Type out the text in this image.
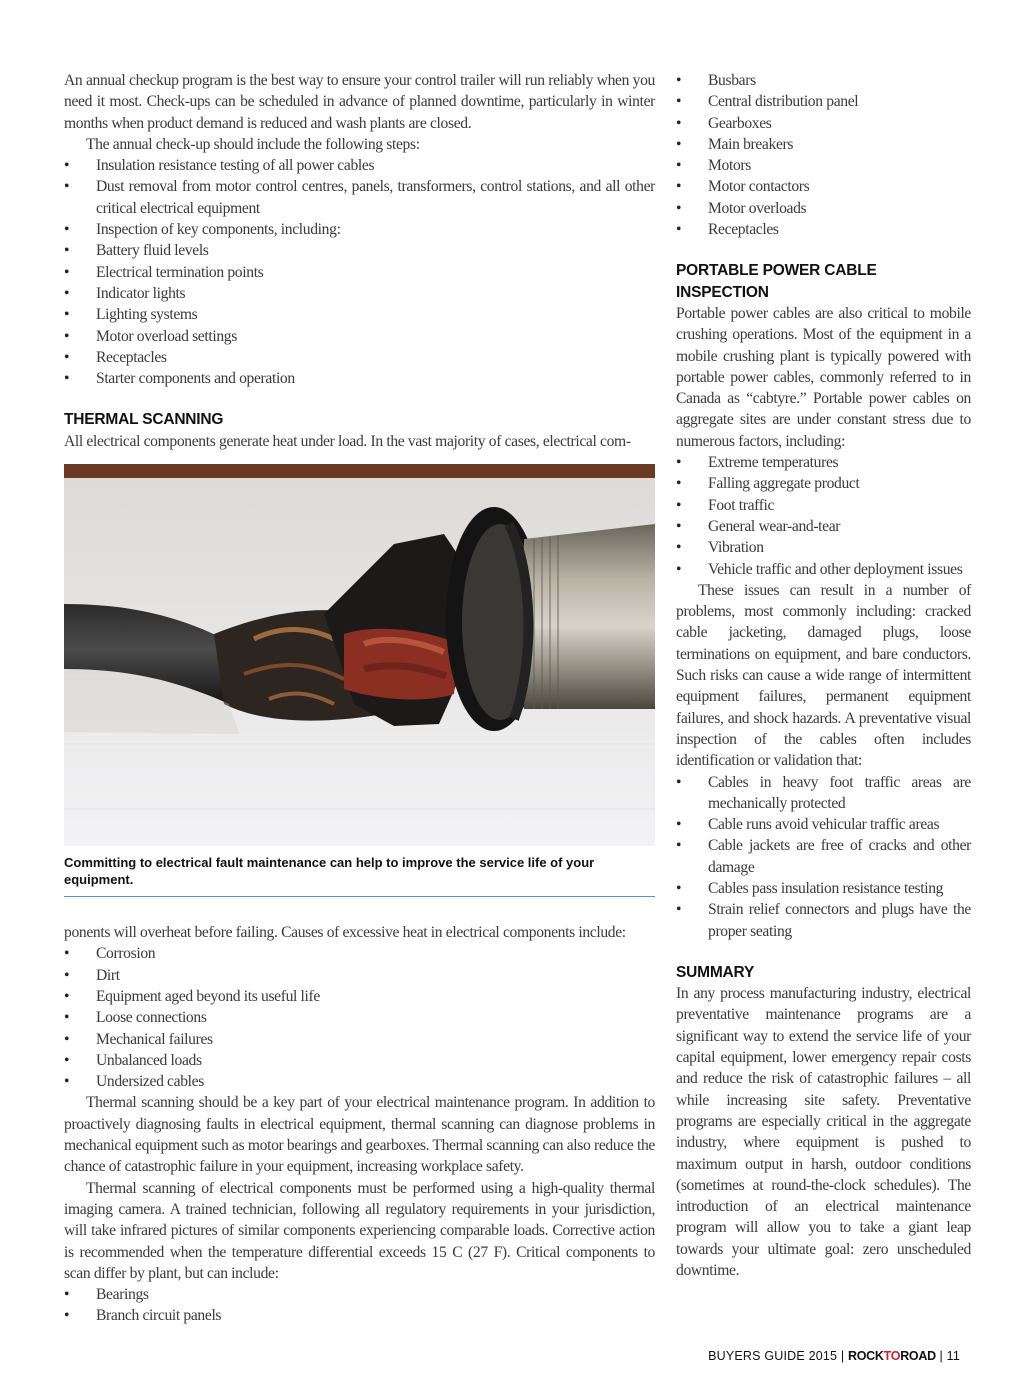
An annual checkup program is the best way to ensure your control trailer will run reliably when you need it most. Check-ups can be scheduled in advance of planned downtime, particularly in winter months when product demand is reduced and wash plants are closed.

The annual check-up should include the following steps:

• Insulation resistance testing of all power cables
• Dust removal from motor control centres, panels, transformers, control stations, and all other critical electrical equipment
• Inspection of key components, including:
• Battery fluid levels
• Electrical termination points
• Indicator lights
• Lighting systems
• Motor overload settings
• Receptacles
• Starter components and operation
THERMAL SCANNING

All electrical components generate heat under load. In the vast majority of cases, electrical com-

Committing to electrical fault maintenance can help to improve the service life of your equipment.

ponents will overheat before failing. Causes of excessive heat in electrical components include:

• Corrosion
• Dirt
• Equipment aged beyond its useful life
• Loose connections
• Mechanical failures
• Unbalanced loads
• Undersized cables

Thermal scanning should be a key part of your electrical maintenance program. In addition to proactively diagnosing faults in electrical equipment, thermal scanning can diagnose problems in mechanical equipment such as motor bearings and gearboxes. Thermal scanning can also reduce the chance of catastrophic failure in your equipment, increasing workplace safety.

Thermal scanning of electrical components must be performed using a high-quality thermal imaging camera. A trained technician, following all regulatory requirements in your jurisdiction, will take infrared pictures of similar components experiencing comparable loads. Corrective action is recommended when the temperature differential exceeds 15 C (27 F). Critical components to scan differ by plant, but can include:

• Bearings
• Branch circuit panels
• Busbars
• Central distribution panel
• Gearboxes
• Main breakers
• Motors
• Motor contactors
• Motor overloads
• Receptacles
PORTABLE POWER CABLE INSPECTION

Portable power cables are also critical to mobile crushing operations. Most of the equipment in a mobile crushing plant is typically powered with portable power cables, commonly referred to in Canada as “cabtyre.” Portable power cables on aggregate sites are under constant stress due to numerous factors, including:

• Extreme temperatures
• Falling aggregate product
• Foot traffic
• General wear-and-tear
• Vibration
• Vehicle traffic and other deployment issues

These issues can result in a number of problems, most commonly including: cracked cable jacketing, damaged plugs, loose terminations on equipment, and bare conductors. Such risks can cause a wide range of intermittent equipment failures, permanent equipment failures, and shock hazards. A preventative visual inspection of the cables often includes identification or validation that:

• Cables in heavy foot traffic areas are mechanically protected
• Cable runs avoid vehicular traffic areas
• Cable jackets are free of cracks and other damage
• Cables pass insulation resistance testing
• Strain relief connectors and plugs have the proper seating
SUMMARY

In any process manufacturing industry, electrical preventative maintenance programs are a significant way to extend the service life of your capital equipment, lower emergency repair costs and reduce the risk of catastrophic failures – all while increasing site safety. Preventative programs are especially critical in the aggregate industry, where equipment is pushed to maximum output in harsh, outdoor conditions (sometimes at round-the-clock schedules). The introduction of an electrical maintenance program will allow you to take a giant leap towards your ultimate goal: zero unscheduled downtime.

BUYERS GUIDE 2015 | ROCKTOROAD | 11
